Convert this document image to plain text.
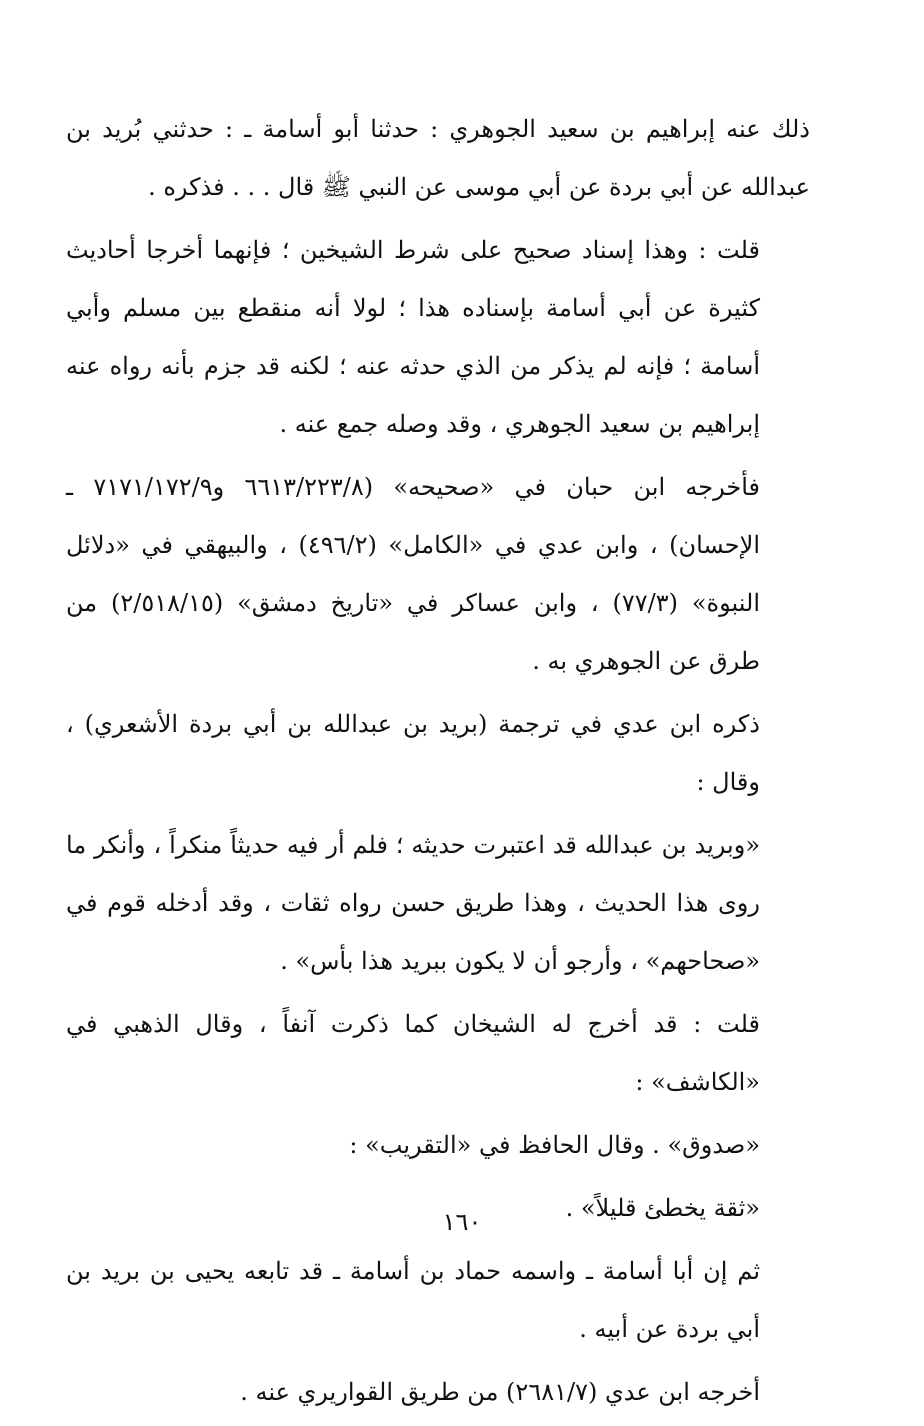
ذلك عنه إبراهيم بن سعيد الجوهري : حدثنا أبو أسامة ـ : حدثني بُريد بن عبدالله عن أبي بردة عن أبي موسى عن النبي ﷺ قال . . . فذكره .

قلت : وهذا إسناد صحيح على شرط الشيخين ؛ فإنهما أخرجا أحاديث كثيرة عن أبي أسامة بإسناده هذا ؛ لولا أنه منقطع بين مسلم وأبي أسامة ؛ فإنه لم يذكر من الذي حدثه عنه ؛ لكنه قد جزم بأنه رواه عنه إبراهيم بن سعيد الجوهري ، وقد وصله جمع عنه .

فأخرجه ابن حبان في «صحيحه» (٦٦١٣/٢٢٣/٨ و٧١٧١/١٧٢/٩ ـ الإحسان) ، وابن عدي في «الكامل» (٤٩٦/٢) ، والبيهقي في «دلائل النبوة» (٧٧/٣) ، وابن عساكر في «تاريخ دمشق» (٢/٥١٨/١٥) من طرق عن الجوهري به .

ذكره ابن عدي في ترجمة (بريد بن عبدالله بن أبي بردة الأشعري) ، وقال :

«وبريد بن عبدالله قد اعتبرت حديثه ؛ فلم أر فيه حديثاً منكراً ، وأنكر ما روى هذا الحديث ، وهذا طريق حسن رواه ثقات ، وقد أدخله قوم في «صحاحهم» ، وأرجو أن لا يكون ببريد هذا بأس» .

قلت : قد أخرج له الشيخان كما ذكرت آنفاً ، وقال الذهبي في «الكاشف» :

«صدوق» . وقال الحافظ في «التقريب» :

«ثقة يخطئ قليلاً» .

ثم إن أبا أسامة ـ واسمه حماد بن أسامة ـ قد تابعه يحيى بن بريد بن أبي بردة عن أبيه .

أخرجه ابن عدي (٢٦٨١/٧) من طريق القواريري عنه .

١٦٠
